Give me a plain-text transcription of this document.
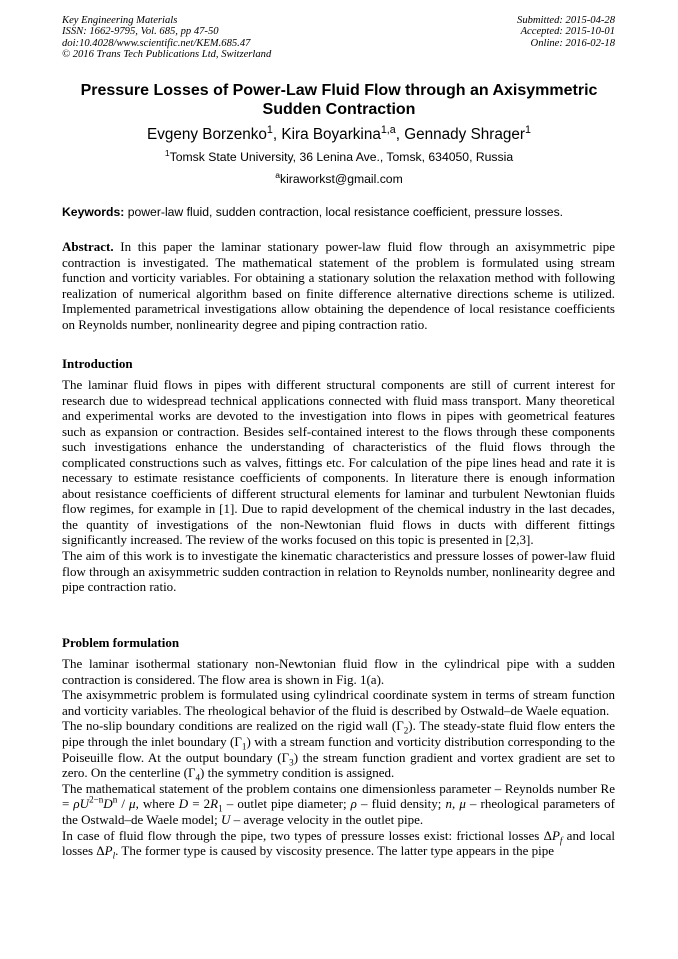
Key Engineering Materials
ISSN: 1662-9795, Vol. 685, pp 47-50
doi:10.4028/www.scientific.net/KEM.685.47
© 2016 Trans Tech Publications Ltd, Switzerland
Submitted: 2015-04-28
Accepted: 2015-10-01
Online: 2016-02-18
Pressure Losses of Power-Law Fluid Flow through an Axisymmetric Sudden Contraction
Evgeny Borzenko$^1$, Kira Boyarkina$^{1,a}$, Gennady Shrager$^1$
$^1$Tomsk State University, 36 Lenina Ave., Tomsk, 634050, Russia
$^a$kiraworkst@gmail.com
Keywords: power-law fluid, sudden contraction, local resistance coefficient, pressure losses.

Abstract. In this paper the laminar stationary power-law fluid flow through an axisymmetric pipe contraction is investigated. The mathematical statement of the problem is formulated using stream function and vorticity variables. For obtaining a stationary solution the relaxation method with following realization of numerical algorithm based on finite difference alternative directions scheme is utilized. Implemented parametrical investigations allow obtaining the dependence of local resistance coefficients on Reynolds number, nonlinearity degree and piping contraction ratio.

Introduction

The laminar fluid flows in pipes with different structural components are still of current interest for research due to widespread technical applications connected with fluid mass transport. Many theoretical and experimental works are devoted to the investigation into flows in pipes with geometrical features such as expansion or contraction. Besides self-contained interest to the flows through these components such investigations enhance the understanding of characteristics of the fluid flows through the complicated constructions such as valves, fittings etc. For calculation of the pipe lines head and rate it is necessary to estimate resistance coefficients of components. In literature there is enough information about resistance coefficients of different structural elements for laminar and turbulent Newtonian fluids flow regimes, for example in [1]. Due to rapid development of the chemical industry in the last decades, the quantity of investigations of the non-Newtonian fluid flows in ducts with different fittings significantly increased. The review of the works focused on this topic is presented in [2,3].

The aim of this work is to investigate the kinematic characteristics and pressure losses of power-law fluid flow through an axisymmetric sudden contraction in relation to Reynolds number, nonlinearity degree and pipe contraction ratio.

Problem formulation

The laminar isothermal stationary non-Newtonian fluid flow in the cylindrical pipe with a sudden contraction is considered. The flow area is shown in Fig. 1(a).

The axisymmetric problem is formulated using cylindrical coordinate system in terms of stream function and vorticity variables. The rheological behavior of the fluid is described by Ostwald–de Waele equation.

The no-slip boundary conditions are realized on the rigid wall $(\Gamma_2)$. The steady-state fluid flow enters the pipe through the inlet boundary $(\Gamma_1)$ with a stream function and vorticity distribution corresponding to the Poiseuille flow. At the output boundary $(\Gamma_3)$ the stream function gradient and vortex gradient are set to zero. On the centerline $(\Gamma_4)$ the symmetry condition is assigned.

The mathematical statement of the problem contains one dimensionless parameter – Reynolds number $Re = \rho U^{2-n}D^n / \mu$, where $D = 2R_1$ – outlet pipe diameter; ρ – fluid density; n, μ – rheological parameters of the Ostwald–de Waele model; U – average velocity in the outlet pipe.

In case of fluid flow through the pipe, two types of pressure losses exist: frictional losses $\Delta P_f$ and local losses $\Delta P_l$. The former type is caused by viscosity presence. The latter type appears in the pipe
